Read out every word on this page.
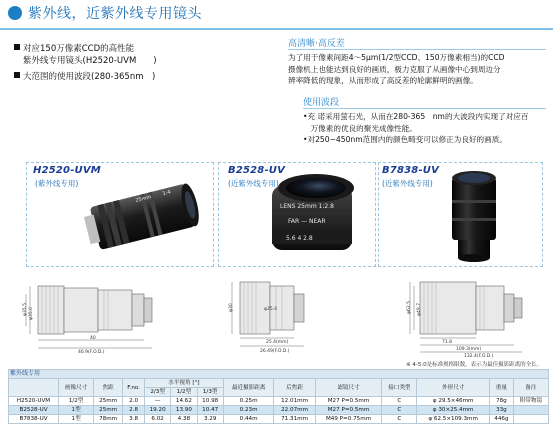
紫外线，近紫外线专用镜头
对应150万像素CCD的高性能
紫外线专用镜头(H2520-UVM　　)
大范围的使用波段(280-365nm　)
高清晰·高反差
为了用于像素间距4～5μm(1/2型CCD、150万像素相当)的CCD
摄像机上也能达到良好的画质，极力克服了从画像中心到周边分
辨率降低的现象，从而形成了高反差的轮廓鲜明的画像。
使用波段
•充 诺采用萤石光，从而在280-365　nm的大波段内实现了对应百
　万像素的优良的聚光成像性能。
•对250~450nm范围内的颜色畸变可以修正为良好的画质。
H2520-UVM
(紫外线专用)
B2528-UV
(近紫外线专用)
B7838-UV
(近紫外线专用)
25mm
1:4
LENS 25mm 1:2.8
FAR — NEAR
5.6 4 2.8
φ35.5 φ35.0
40
46.9(F.O.D.)
φ30	φ25.4
25.4(mm)
26.49(F.O.D.)
φ62.5 φ49.7
71.8
109.3(mm)
132.4(F.O.D.)
※ 4-5.0是标准规格限数。表示为最佳摄影距离的全长。
紫外线专用													
	画像尺寸	焦距	F.no.	水平视角 [°]			最近摄影距离	后焦距	滤镜尺寸	接口类型	外形尺寸	重量	备注
				2/3型	1/2型	1/3型							
H2520-UVM	1/2型	25mm	2.0	—	14.62	10.98	0.25m	12.01mm	M27 P=0.5mm	C	φ 29.5×46mm	78g	附带物镜
B2528-UV	1型	25mm	2.8	19.20	13.90	10.47	0.23m	22.07mm	M27 P=0.5mm	C	φ 30×25.4mm	33g	
B7838-UV	1型	78mm	3.8	6.02	4.38	3.29	0.44m	71.31mm	M49 P=0.75mm	C	φ 62.5×109.3mm	446g	
